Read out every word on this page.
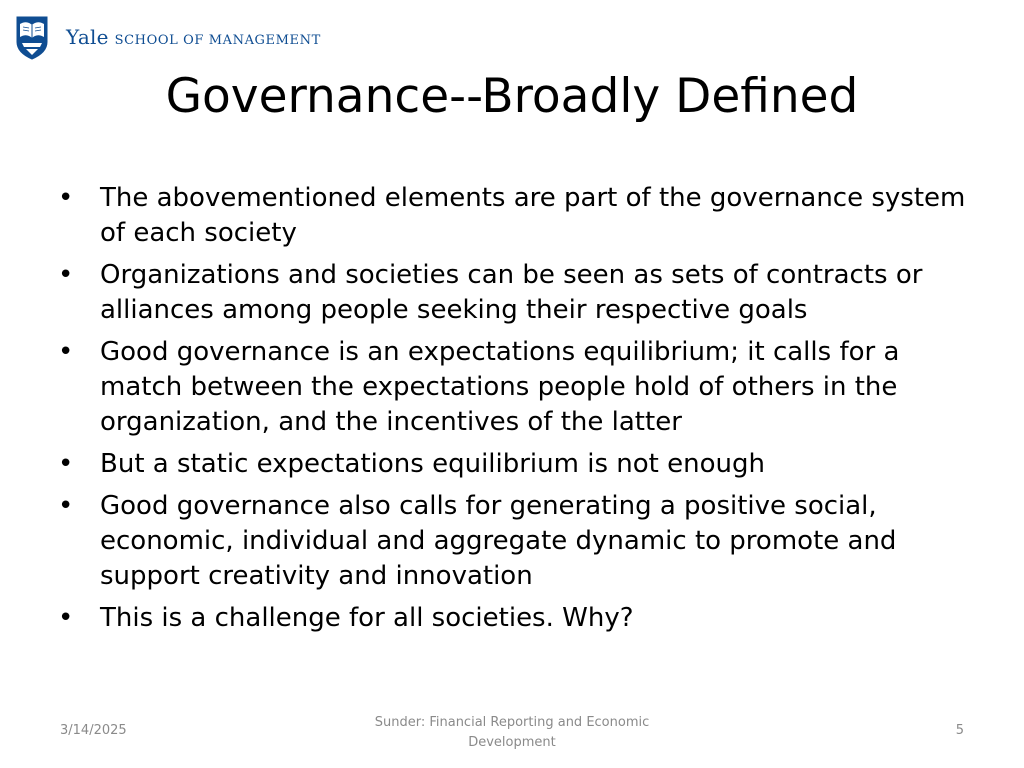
Yale SCHOOL OF MANAGEMENT
Governance--Broadly Defined
• The abovementioned elements are part of the governance system of each society
• Organizations and societies can be seen as sets of contracts or alliances among people seeking their respective goals
• Good governance is an expectations equilibrium; it calls for a match between the expectations people hold of others in the organization, and the incentives of the latter
• But a static expectations equilibrium is not enough
• Good governance also calls for generating a positive social, economic, individual and aggregate dynamic to promote and support creativity and innovation
• This is a challenge for all societies. Why?
3/14/2025
Sunder: Financial Reporting and Economic Development
5
